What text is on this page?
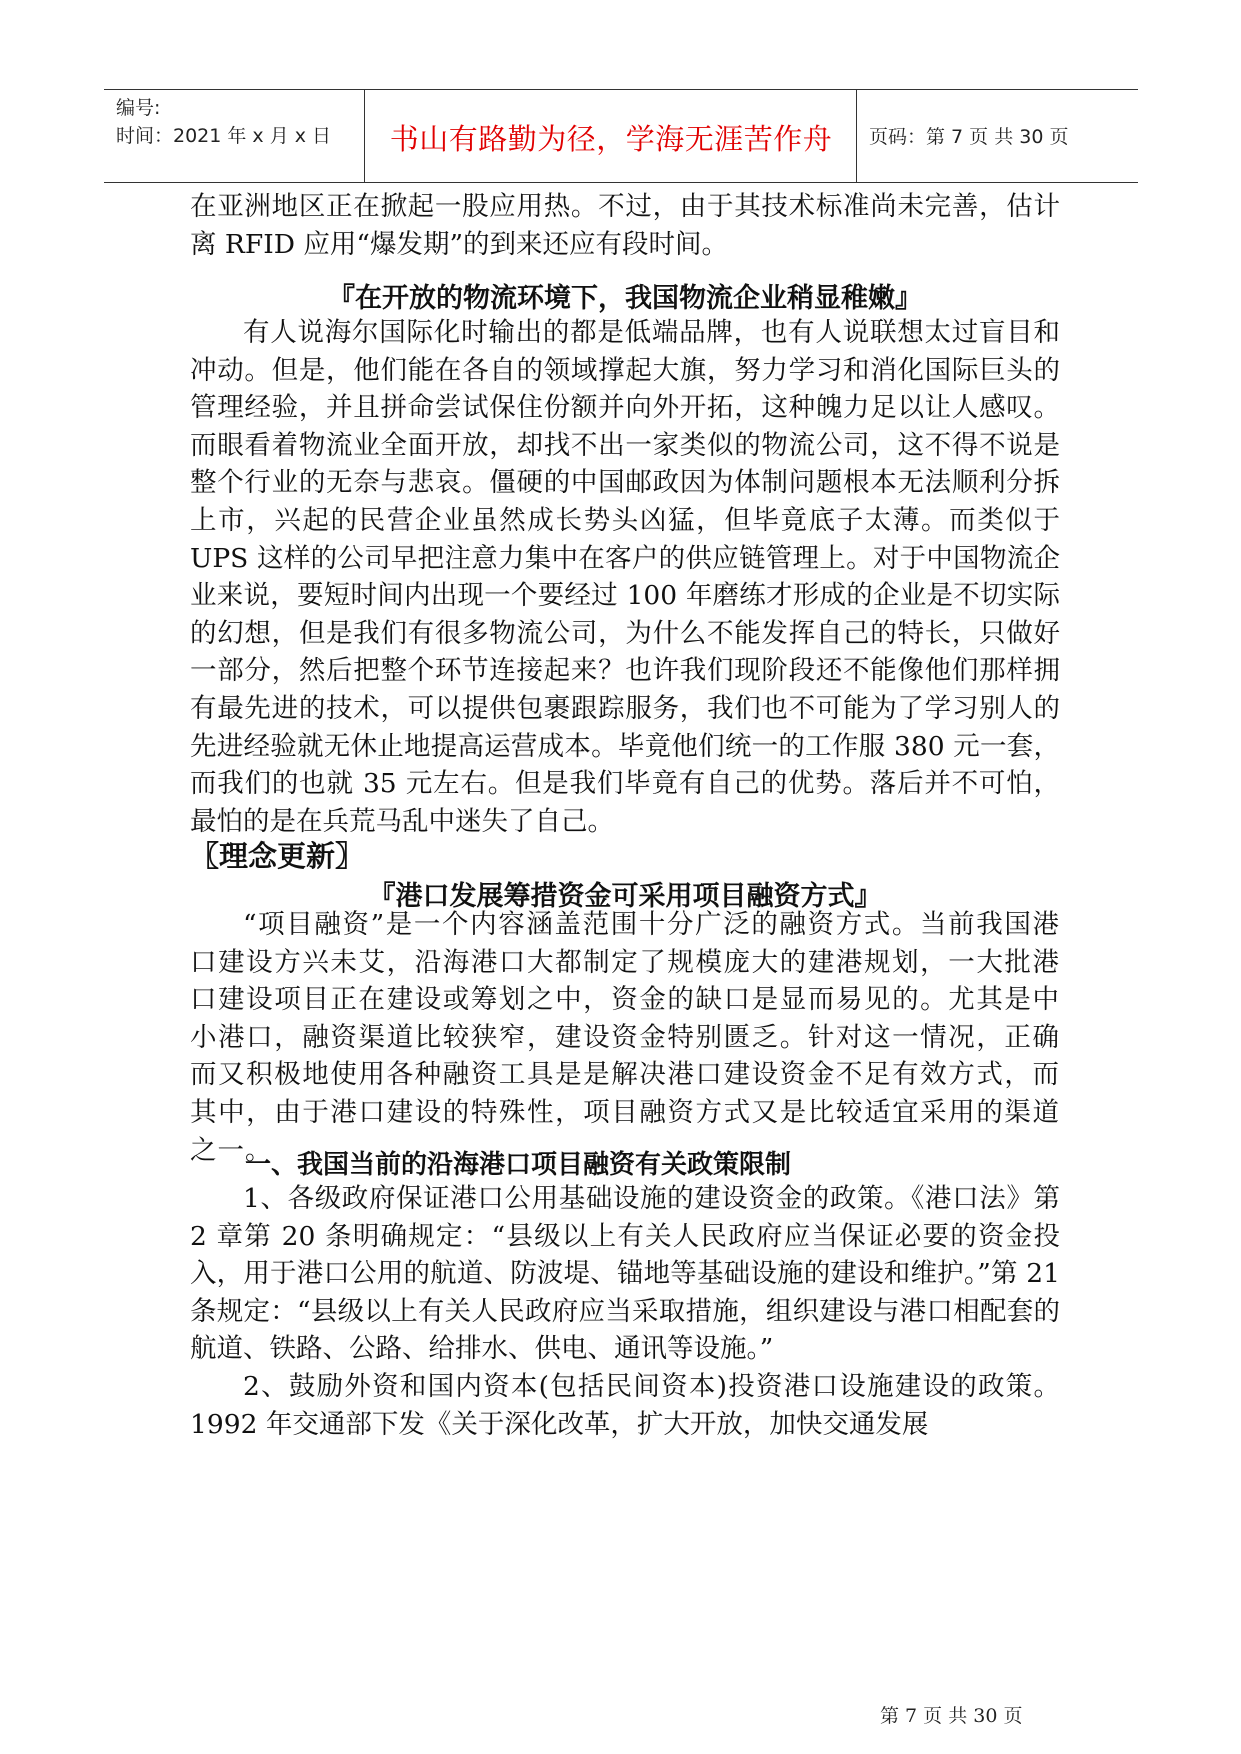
编号:
时间：2021 年 x 月 x 日	书山有路勤为径，学海无涯苦作舟	页码：第 7 页 共 30 页

在亚洲地区正在掀起一股应用热。不过，由于其技术标准尚未完善，估计离 RFID 应用“爆发期”的到来还应有段时间。

『在开放的物流环境下，我国物流企业稍显稚嫩』

有人说海尔国际化时输出的都是低端品牌，也有人说联想太过盲目和冲动。但是，他们能在各自的领域撑起大旗，努力学习和消化国际巨头的管理经验，并且拼命尝试保住份额并向外开拓，这种魄力足以让人感叹。而眼看着物流业全面开放，却找不出一家类似的物流公司，这不得不说是整个行业的无奈与悲哀。僵硬的中国邮政因为体制问题根本无法顺利分拆上市，兴起的民营企业虽然成长势头凶猛，但毕竟底子太薄。而类似于 UPS 这样的公司早把注意力集中在客户的供应链管理上。对于中国物流企业来说，要短时间内出现一个要经过 100 年磨练才形成的企业是不切实际的幻想，但是我们有很多物流公司，为什么不能发挥自己的特长，只做好一部分，然后把整个环节连接起来？也许我们现阶段还不能像他们那样拥有最先进的技术，可以提供包裹跟踪服务，我们也不可能为了学习别人的先进经验就无休止地提高运营成本。毕竟他们统一的工作服 380 元一套，而我们的也就 35 元左右。但是我们毕竟有自己的优势。落后并不可怕，最怕的是在兵荒马乱中迷失了自己。

〖理念更新〗

『港口发展筹措资金可采用项目融资方式』

“项目融资”是一个内容涵盖范围十分广泛的融资方式。当前我国港口建设方兴未艾，沿海港口大都制定了规模庞大的建港规划，一大批港口建设项目正在建设或筹划之中，资金的缺口是显而易见的。尤其是中小港口，融资渠道比较狭窄，建设资金特别匮乏。针对这一情况，正确而又积极地使用各种融资工具是是解决港口建设资金不足有效方式，而其中，由于港口建设的特殊性，项目融资方式又是比较适宜采用的渠道之一。

一、我国当前的沿海港口项目融资有关政策限制

1、各级政府保证港口公用基础设施的建设资金的政策。《港口法》第 2 章第 20 条明确规定：“县级以上有关人民政府应当保证必要的资金投入，用于港口公用的航道、防波堤、锚地等基础设施的建设和维护。”第 21 条规定：“县级以上有关人民政府应当采取措施，组织建设与港口相配套的航道、铁路、公路、给排水、供电、通讯等设施。”

2、鼓励外资和国内资本(包括民间资本)投资港口设施建设的政策。1992 年交通部下发《关于深化改革，扩大开放，加快交通发展

第 7 页 共 30 页
